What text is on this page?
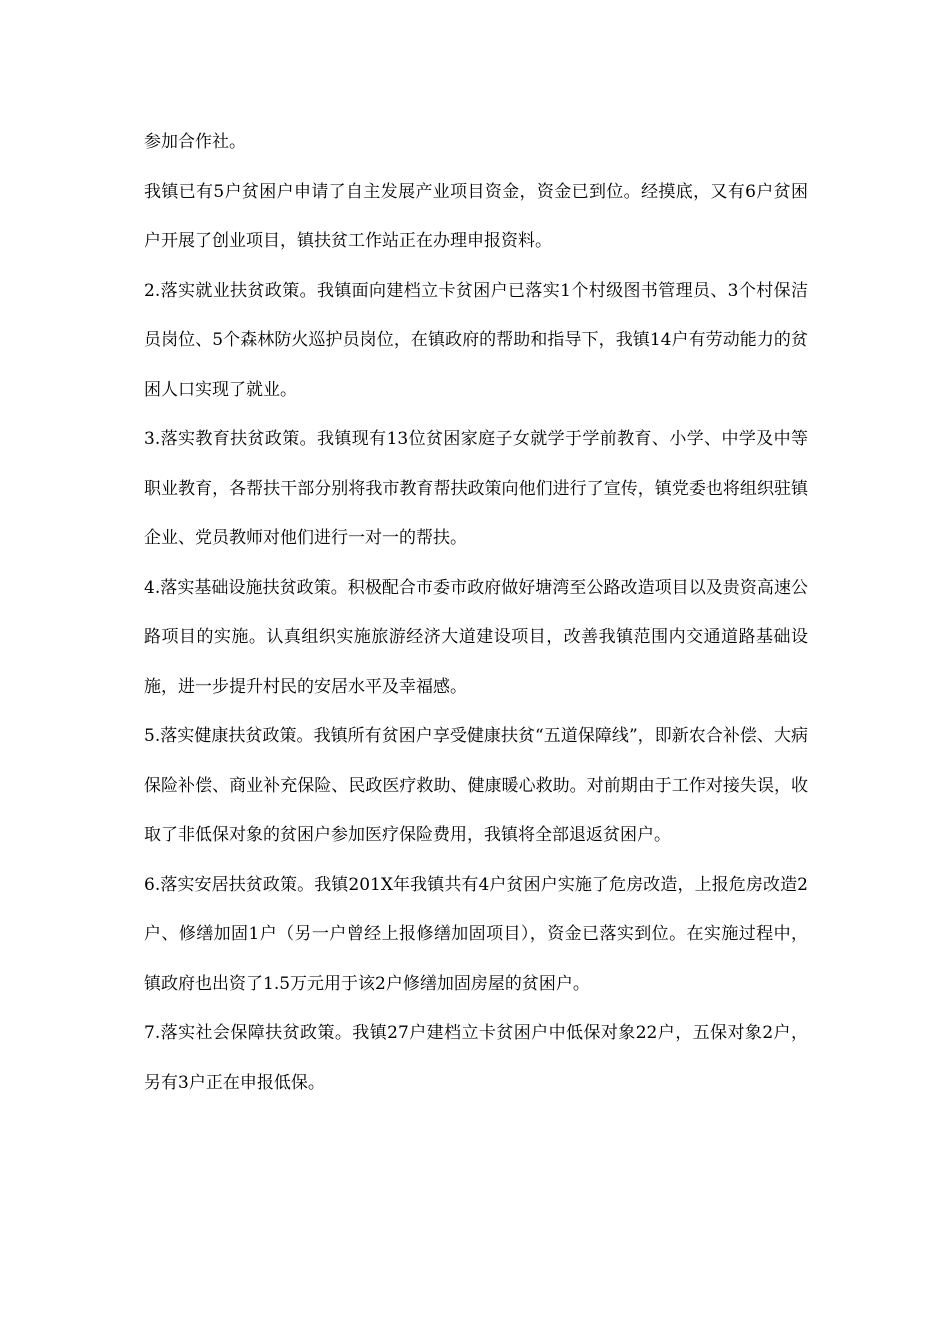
参加合作社。

我镇已有5户贫困户申请了自主发展产业项目资金，资金已到位。经摸底，又有6户贫困户开展了创业项目，镇扶贫工作站正在办理申报资料。

2.落实就业扶贫政策。我镇面向建档立卡贫困户已落实1个村级图书管理员、3个村保洁员岗位、5个森林防火巡护员岗位，在镇政府的帮助和指导下，我镇14户有劳动能力的贫困人口实现了就业。

3.落实教育扶贫政策。我镇现有13位贫困家庭子女就学于学前教育、小学、中学及中等职业教育，各帮扶干部分别将我市教育帮扶政策向他们进行了宣传，镇党委也将组织驻镇企业、党员教师对他们进行一对一的帮扶。

4.落实基础设施扶贫政策。积极配合市委市政府做好塘湾至公路改造项目以及贵资高速公路项目的实施。认真组织实施旅游经济大道建设项目，改善我镇范围内交通道路基础设施，进一步提升村民的安居水平及幸福感。

5.落实健康扶贫政策。我镇所有贫困户享受健康扶贫“五道保障线”，即新农合补偿、大病保险补偿、商业补充保险、民政医疗救助、健康暖心救助。对前期由于工作对接失误，收取了非低保对象的贫困户参加医疗保险费用，我镇将全部退返贫困户。

6.落实安居扶贫政策。我镇201X年我镇共有4户贫困户实施了危房改造，上报危房改造2户、修缮加固1户（另一户曾经上报修缮加固项目），资金已落实到位。在实施过程中，镇政府也出资了1.5万元用于该2户修缮加固房屋的贫困户。

7.落实社会保障扶贫政策。我镇27户建档立卡贫困户中低保对象22户，五保对象2户，另有3户正在申报低保。
